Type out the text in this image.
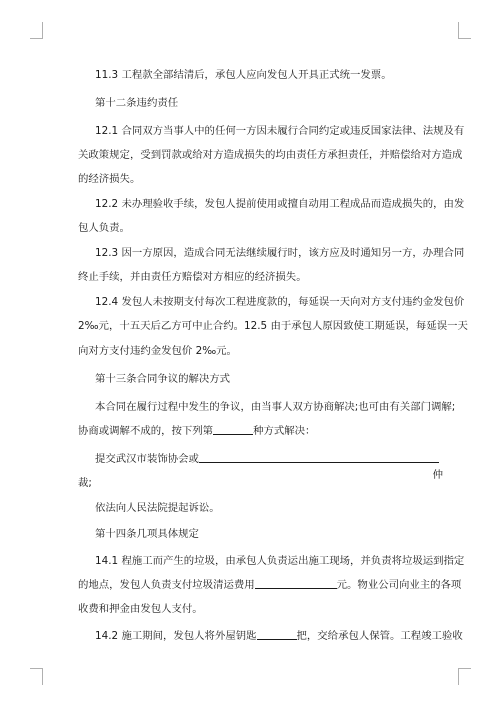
11.3 工程款全部结清后，承包人应向发包人开具正式统一发票。
第十二条违约责任
12.1 合同双方当事人中的任何一方因未履行合同约定或违反国家法律、法规及有
关政策规定，受到罚款或给对方造成损失的均由责任方承担责任，并赔偿给对方造成
的经济损失。
12.2 未办理验收手续，发包人提前使用或擅自动用工程成品而造成损失的，由发
包人负责。
12.3 因一方原因，造成合同无法继续履行时，该方应及时通知另一方，办理合同
终止手续，并由责任方赔偿对方相应的经济损失。
12.4 发包人未按期支付每次工程进度款的，每延误一天向对方支付违约金发包价
2‰元，十五天后乙方可中止合约。12.5 由于承包人原因致使工期延误，每延误一天
向对方支付违约金发包价 2‰元。
第十三条合同争议的解决方式
本合同在履行过程中发生的争议，由当事人双方协商解决;也可由有关部门调解;
协商或调解不成的，按下列第	种方式解决：
提交武汉市装饰协会或
仲
裁;
依法向人民法院提起诉讼。
第十四条几项具体规定
14.1 程施工而产生的垃圾，由承包人负责运出施工现场，并负责将垃圾运到指定
的地点，发包人负责支付垃圾清运费用	元。物业公司向业主的各项
收费和押金由发包人支付。
14.2 施工期间，发包人将外屋钥匙	把，交给承包人保管。工程竣工验收
